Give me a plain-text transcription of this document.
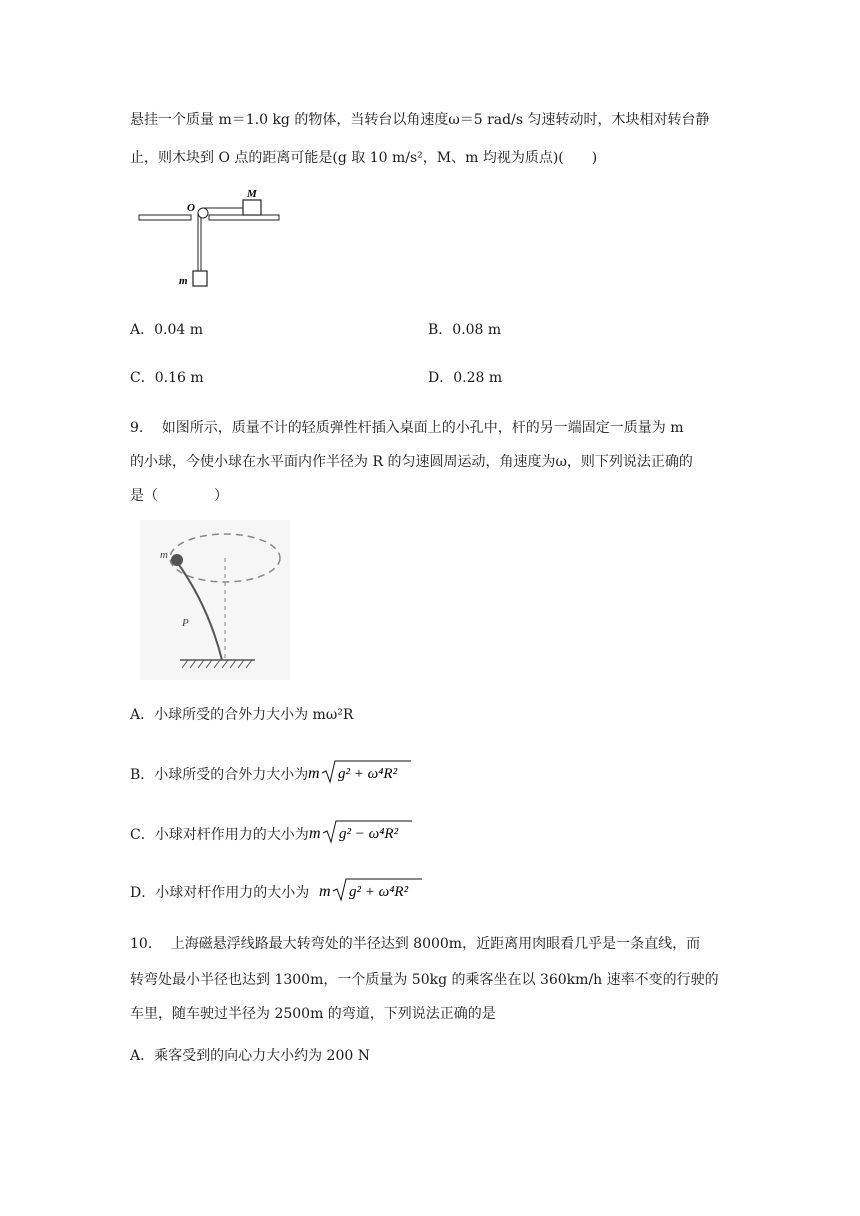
悬挂一个质量 m＝1.0 kg 的物体，当转台以角速度ω＝5 rad/s 匀速转动时，木块相对转台静
止，则木块到 O 点的距离可能是(g 取 10 m/s²，M、m 均视为质点)(　　)
O
M
m
A．0.04 m	B．0.08 m
C．0.16 m	D．0.28 m
9.　 如图所示，质量不计的轻质弹性杆插入桌面上的小孔中，杆的另一端固定一质量为 m
的小球，今使小球在水平面内作半径为 R 的匀速圆周运动，角速度为ω，则下列说法正确的
是（　　　　）
m
P
A．小球所受的合外力大小为 mω²R
B．小球所受的合外力大小为 m g² + ω⁴R²
C．小球对杆作用力的大小为 m g² − ω⁴R²
D．小球对杆作用力的大小为 m g² + ω⁴R²
10.　 上海磁悬浮线路最大转弯处的半径达到 8000m，近距离用肉眼看几乎是一条直线，而
转弯处最小半径也达到 1300m，一个质量为 50kg 的乘客坐在以 360km/h 速率不变的行驶的
车里，随车驶过半径为 2500m 的弯道，下列说法正确的是
A．乘客受到的向心力大小约为 200 N
